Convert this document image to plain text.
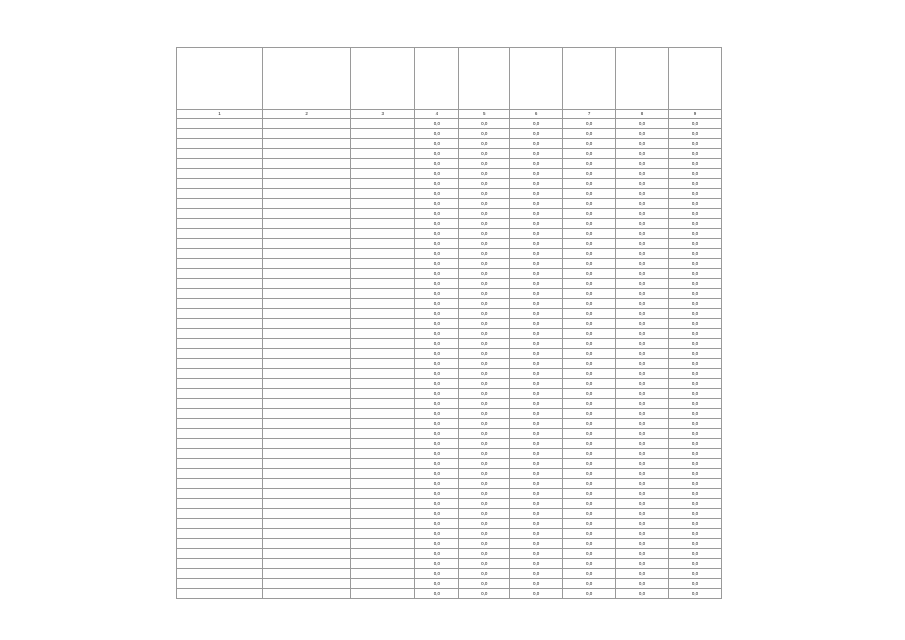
1	2	3	4	5	6	7	8	9
			0,0	0,0	0,0	0,0	0,0	0,0
			0,0	0,0	0,0	0,0	0,0	0,0
			0,0	0,0	0,0	0,0	0,0	0,0
			0,0	0,0	0,0	0,0	0,0	0,0
			0,0	0,0	0,0	0,0	0,0	0,0
			0,0	0,0	0,0	0,0	0,0	0,0
			0,0	0,0	0,0	0,0	0,0	0,0
			0,0	0,0	0,0	0,0	0,0	0,0
			0,0	0,0	0,0	0,0	0,0	0,0
			0,0	0,0	0,0	0,0	0,0	0,0
			0,0	0,0	0,0	0,0	0,0	0,0
			0,0	0,0	0,0	0,0	0,0	0,0
			0,0	0,0	0,0	0,0	0,0	0,0
			0,0	0,0	0,0	0,0	0,0	0,0
			0,0	0,0	0,0	0,0	0,0	0,0
			0,0	0,0	0,0	0,0	0,0	0,0
			0,0	0,0	0,0	0,0	0,0	0,0
			0,0	0,0	0,0	0,0	0,0	0,0
			0,0	0,0	0,0	0,0	0,0	0,0
			0,0	0,0	0,0	0,0	0,0	0,0
			0,0	0,0	0,0	0,0	0,0	0,0
			0,0	0,0	0,0	0,0	0,0	0,0
			0,0	0,0	0,0	0,0	0,0	0,0
			0,0	0,0	0,0	0,0	0,0	0,0
			0,0	0,0	0,0	0,0	0,0	0,0
			0,0	0,0	0,0	0,0	0,0	0,0
			0,0	0,0	0,0	0,0	0,0	0,0
			0,0	0,0	0,0	0,0	0,0	0,0
			0,0	0,0	0,0	0,0	0,0	0,0
			0,0	0,0	0,0	0,0	0,0	0,0
			0,0	0,0	0,0	0,0	0,0	0,0
			0,0	0,0	0,0	0,0	0,0	0,0
			0,0	0,0	0,0	0,0	0,0	0,0
			0,0	0,0	0,0	0,0	0,0	0,0
			0,0	0,0	0,0	0,0	0,0	0,0
			0,0	0,0	0,0	0,0	0,0	0,0
			0,0	0,0	0,0	0,0	0,0	0,0
			0,0	0,0	0,0	0,0	0,0	0,0
			0,0	0,0	0,0	0,0	0,0	0,0
			0,0	0,0	0,0	0,0	0,0	0,0
			0,0	0,0	0,0	0,0	0,0	0,0
			0,0	0,0	0,0	0,0	0,0	0,0
			0,0	0,0	0,0	0,0	0,0	0,0
			0,0	0,0	0,0	0,0	0,0	0,0
			0,0	0,0	0,0	0,0	0,0	0,0
			0,0	0,0	0,0	0,0	0,0	0,0
			0,0	0,0	0,0	0,0	0,0	0,0
			0,0	0,0	0,0	0,0	0,0	0,0
